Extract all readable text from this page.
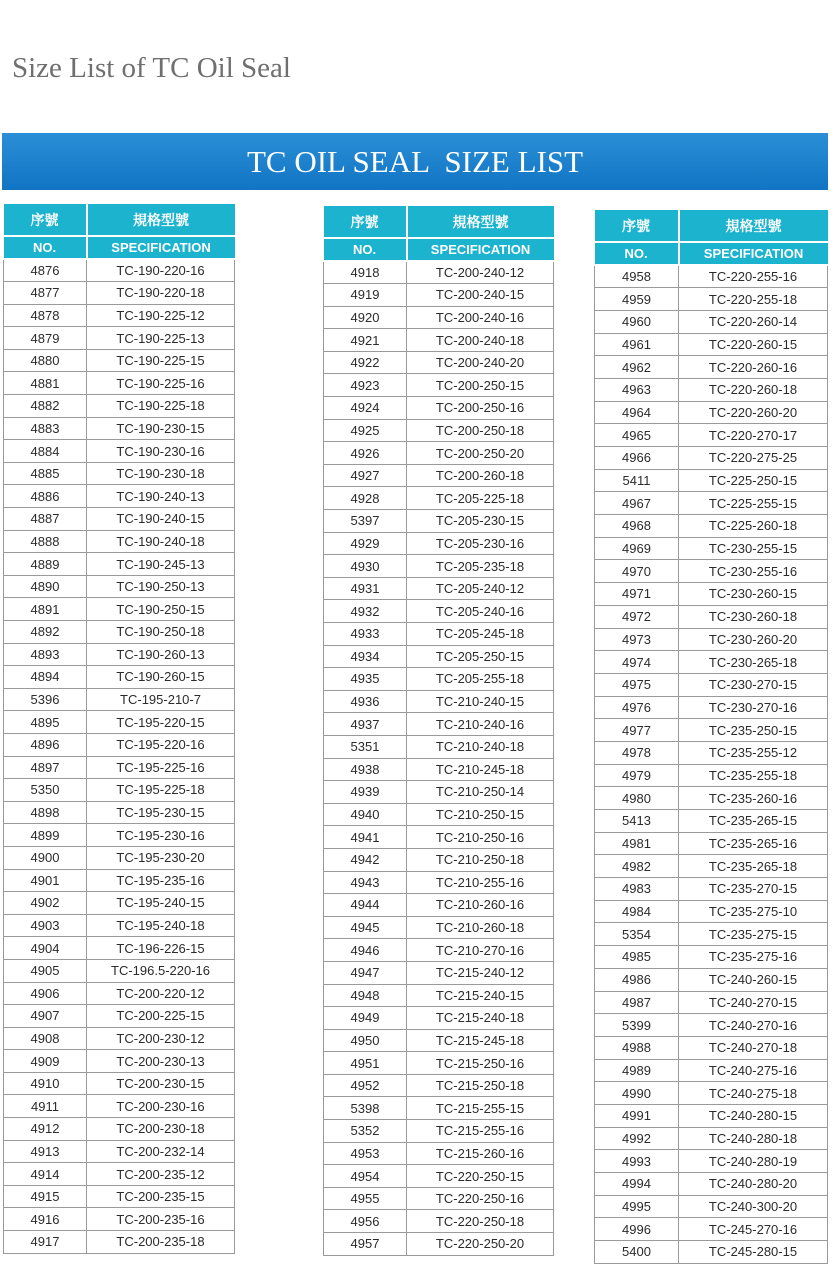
Size List of TC Oil Seal
TC OIL SEAL  SIZE LIST
序號	規格型號
NO.	SPECIFICATION
4876	TC-190-220-16
4877	TC-190-220-18
4878	TC-190-225-12
4879	TC-190-225-13
4880	TC-190-225-15
4881	TC-190-225-16
4882	TC-190-225-18
4883	TC-190-230-15
4884	TC-190-230-16
4885	TC-190-230-18
4886	TC-190-240-13
4887	TC-190-240-15
4888	TC-190-240-18
4889	TC-190-245-13
4890	TC-190-250-13
4891	TC-190-250-15
4892	TC-190-250-18
4893	TC-190-260-13
4894	TC-190-260-15
5396	TC-195-210-7
4895	TC-195-220-15
4896	TC-195-220-16
4897	TC-195-225-16
5350	TC-195-225-18
4898	TC-195-230-15
4899	TC-195-230-16
4900	TC-195-230-20
4901	TC-195-235-16
4902	TC-195-240-15
4903	TC-195-240-18
4904	TC-196-226-15
4905	TC-196.5-220-16
4906	TC-200-220-12
4907	TC-200-225-15
4908	TC-200-230-12
4909	TC-200-230-13
4910	TC-200-230-15
4911	TC-200-230-16
4912	TC-200-230-18
4913	TC-200-232-14
4914	TC-200-235-12
4915	TC-200-235-15
4916	TC-200-235-16
4917	TC-200-235-18
序號	規格型號
NO.	SPECIFICATION
4918	TC-200-240-12
4919	TC-200-240-15
4920	TC-200-240-16
4921	TC-200-240-18
4922	TC-200-240-20
4923	TC-200-250-15
4924	TC-200-250-16
4925	TC-200-250-18
4926	TC-200-250-20
4927	TC-200-260-18
4928	TC-205-225-18
5397	TC-205-230-15
4929	TC-205-230-16
4930	TC-205-235-18
4931	TC-205-240-12
4932	TC-205-240-16
4933	TC-205-245-18
4934	TC-205-250-15
4935	TC-205-255-18
4936	TC-210-240-15
4937	TC-210-240-16
5351	TC-210-240-18
4938	TC-210-245-18
4939	TC-210-250-14
4940	TC-210-250-15
4941	TC-210-250-16
4942	TC-210-250-18
4943	TC-210-255-16
4944	TC-210-260-16
4945	TC-210-260-18
4946	TC-210-270-16
4947	TC-215-240-12
4948	TC-215-240-15
4949	TC-215-240-18
4950	TC-215-245-18
4951	TC-215-250-16
4952	TC-215-250-18
5398	TC-215-255-15
5352	TC-215-255-16
4953	TC-215-260-16
4954	TC-220-250-15
4955	TC-220-250-16
4956	TC-220-250-18
4957	TC-220-250-20
序號	規格型號
NO.	SPECIFICATION
4958	TC-220-255-16
4959	TC-220-255-18
4960	TC-220-260-14
4961	TC-220-260-15
4962	TC-220-260-16
4963	TC-220-260-18
4964	TC-220-260-20
4965	TC-220-270-17
4966	TC-220-275-25
5411	TC-225-250-15
4967	TC-225-255-15
4968	TC-225-260-18
4969	TC-230-255-15
4970	TC-230-255-16
4971	TC-230-260-15
4972	TC-230-260-18
4973	TC-230-260-20
4974	TC-230-265-18
4975	TC-230-270-15
4976	TC-230-270-16
4977	TC-235-250-15
4978	TC-235-255-12
4979	TC-235-255-18
4980	TC-235-260-16
5413	TC-235-265-15
4981	TC-235-265-16
4982	TC-235-265-18
4983	TC-235-270-15
4984	TC-235-275-10
5354	TC-235-275-15
4985	TC-235-275-16
4986	TC-240-260-15
4987	TC-240-270-15
5399	TC-240-270-16
4988	TC-240-270-18
4989	TC-240-275-16
4990	TC-240-275-18
4991	TC-240-280-15
4992	TC-240-280-18
4993	TC-240-280-19
4994	TC-240-280-20
4995	TC-240-300-20
4996	TC-245-270-16
5400	TC-245-280-15
